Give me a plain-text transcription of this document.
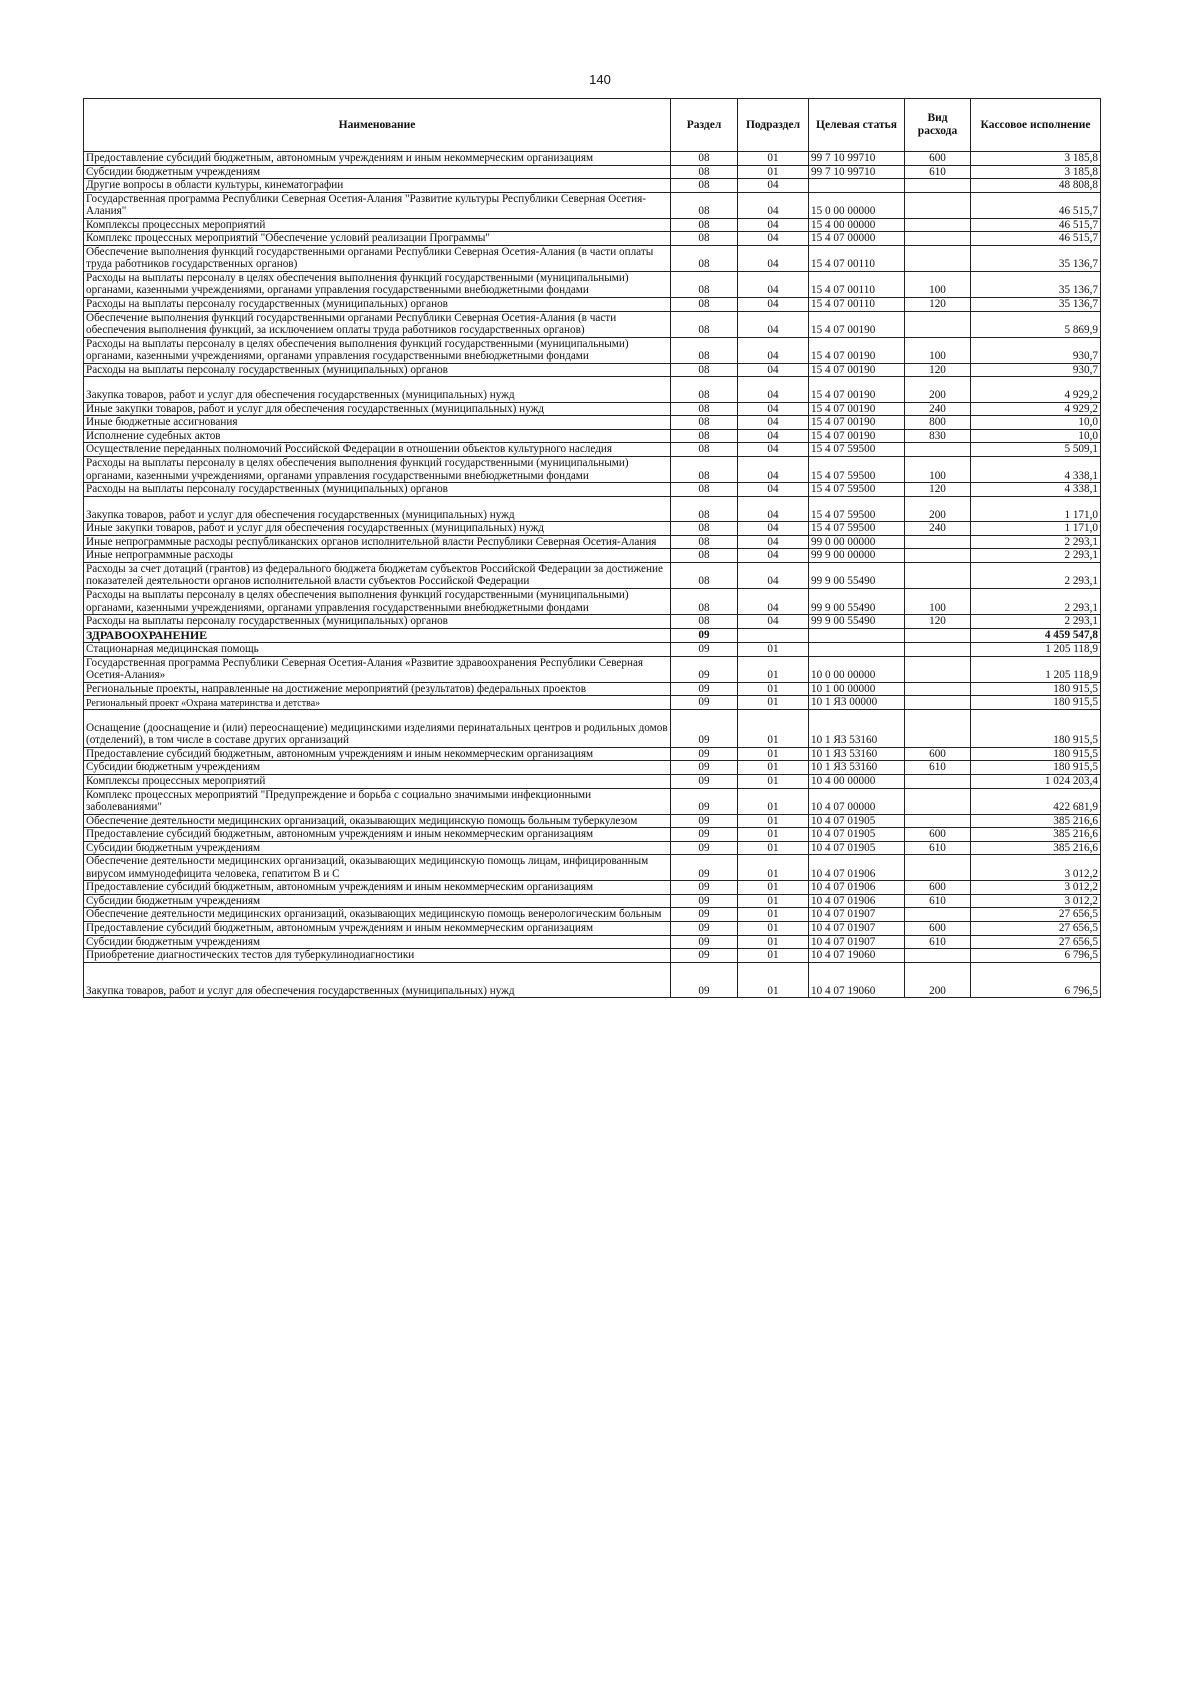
140
Наименование	Раздел	Подраздел	Целевая статья	Вид расхода	Кассовое исполнение
Предоставление субсидий бюджетным, автономным учреждениям и иным некоммерческим организациям	08	01	99 7 10 99710	600	3 185,8
Субсидии бюджетным учреждениям	08	01	99 7 10 99710	610	3 185,8
Другие вопросы в области культуры, кинематографии	08	04			48 808,8
Государственная программа Республики Северная Осетия-Алания "Развитие культуры Республики Северная Осетия-Алания"	08	04	15 0 00 00000		46 515,7
Комплексы процессных мероприятий	08	04	15 4 00 00000		46 515,7
Комплекс процессных мероприятий "Обеспечение условий реализации Программы"	08	04	15 4 07 00000		46 515,7
Обеспечение выполнения функций государственными органами Республики Северная Осетия-Алания (в части оплаты труда работников государственных органов)	08	04	15 4 07 00110		35 136,7
Расходы на выплаты персоналу в целях обеспечения выполнения функций государственными (муниципальными) органами, казенными учреждениями, органами управления государственными внебюджетными фондами	08	04	15 4 07 00110	100	35 136,7
Расходы на выплаты персоналу государственных (муниципальных) органов	08	04	15 4 07 00110	120	35 136,7
Обеспечение выполнения функций государственными органами Республики Северная Осетия-Алания (в части обеспечения выполнения функций, за исключением оплаты труда работников государственных органов)	08	04	15 4 07 00190		5 869,9
Расходы на выплаты персоналу в целях обеспечения выполнения функций государственными (муниципальными) органами, казенными учреждениями, органами управления государственными внебюджетными фондами	08	04	15 4 07 00190	100	930,7
Расходы на выплаты персоналу государственных (муниципальных) органов	08	04	15 4 07 00190	120	930,7
Закупка товаров, работ и услуг для обеспечения государственных (муниципальных) нужд	08	04	15 4 07 00190	200	4 929,2
Иные закупки товаров, работ и услуг для обеспечения государственных (муниципальных) нужд	08	04	15 4 07 00190	240	4 929,2
Иные бюджетные ассигнования	08	04	15 4 07 00190	800	10,0
Исполнение судебных актов	08	04	15 4 07 00190	830	10,0
Осуществление переданных полномочий Российской Федерации в отношении объектов культурного наследия	08	04	15 4 07 59500		5 509,1
Расходы на выплаты персоналу в целях обеспечения выполнения функций государственными (муниципальными) органами, казенными учреждениями, органами управления государственными внебюджетными фондами	08	04	15 4 07 59500	100	4 338,1
Расходы на выплаты персоналу государственных (муниципальных) органов	08	04	15 4 07 59500	120	4 338,1
Закупка товаров, работ и услуг для обеспечения государственных (муниципальных) нужд	08	04	15 4 07 59500	200	1 171,0
Иные закупки товаров, работ и услуг для обеспечения государственных (муниципальных) нужд	08	04	15 4 07 59500	240	1 171,0
Иные непрограммные расходы республиканских органов исполнительной власти Республики Северная Осетия-Алания	08	04	99 0 00 00000		2 293,1
Иные непрограммные расходы	08	04	99 9 00 00000		2 293,1
Расходы за счет дотаций (грантов) из федерального бюджета бюджетам субъектов Российской Федерации за достижение показателей деятельности органов исполнительной власти субъектов Российской Федерации	08	04	99 9 00 55490		2 293,1
Расходы на выплаты персоналу в целях обеспечения выполнения функций государственными (муниципальными) органами, казенными учреждениями, органами управления государственными внебюджетными фондами	08	04	99 9 00 55490	100	2 293,1
Расходы на выплаты персоналу государственных (муниципальных) органов	08	04	99 9 00 55490	120	2 293,1
ЗДРАВООХРАНЕНИЕ	09				4 459 547,8
Стационарная медицинская помощь	09	01			1 205 118,9
Государственная программа Республики Северная Осетия-Алания «Развитие здравоохранения Республики Северная Осетия-Алания»	09	01	10 0 00 00000		1 205 118,9
Региональные проекты, направленные на достижение мероприятий (результатов) федеральных проектов	09	01	10 1 00 00000		180 915,5
Региональный проект «Охрана материнства и детства»	09	01	10 1 Я3 00000		180 915,5
Оснащение (дооснащение и (или) переоснащение) медицинскими изделиями перинатальных центров и родильных домов (отделений), в том числе в составе других организаций	09	01	10 1 Я3 53160		180 915,5
Предоставление субсидий бюджетным, автономным учреждениям и иным некоммерческим организациям	09	01	10 1 Я3 53160	600	180 915,5
Субсидии бюджетным учреждениям	09	01	10 1 Я3 53160	610	180 915,5
Комплексы процессных мероприятий	09	01	10 4 00 00000		1 024 203,4
Комплекс процессных мероприятий "Предупреждение и борьба с социально значимыми инфекционными заболеваниями"	09	01	10 4 07 00000		422 681,9
Обеспечение деятельности медицинских организаций, оказывающих медицинскую помощь больным туберкулезом	09	01	10 4 07 01905		385 216,6
Предоставление субсидий бюджетным, автономным учреждениям и иным некоммерческим организациям	09	01	10 4 07 01905	600	385 216,6
Субсидии бюджетным учреждениям	09	01	10 4 07 01905	610	385 216,6
Обеспечение деятельности медицинских организаций, оказывающих медицинскую помощь лицам, инфицированным вирусом иммунодефицита человека, гепатитом В и С	09	01	10 4 07 01906		3 012,2
Предоставление субсидий бюджетным, автономным учреждениям и иным некоммерческим организациям	09	01	10 4 07 01906	600	3 012,2
Субсидии бюджетным учреждениям	09	01	10 4 07 01906	610	3 012,2
Обеспечение деятельности медицинских организаций, оказывающих медицинскую помощь венерологическим больным	09	01	10 4 07 01907		27 656,5
Предоставление субсидий бюджетным, автономным учреждениям и иным некоммерческим организациям	09	01	10 4 07 01907	600	27 656,5
Субсидии бюджетным учреждениям	09	01	10 4 07 01907	610	27 656,5
Приобретение диагностических тестов для туберкулинодиагностики	09	01	10 4 07 19060		6 796,5
Закупка товаров, работ и услуг для обеспечения государственных (муниципальных) нужд	09	01	10 4 07 19060	200	6 796,5
